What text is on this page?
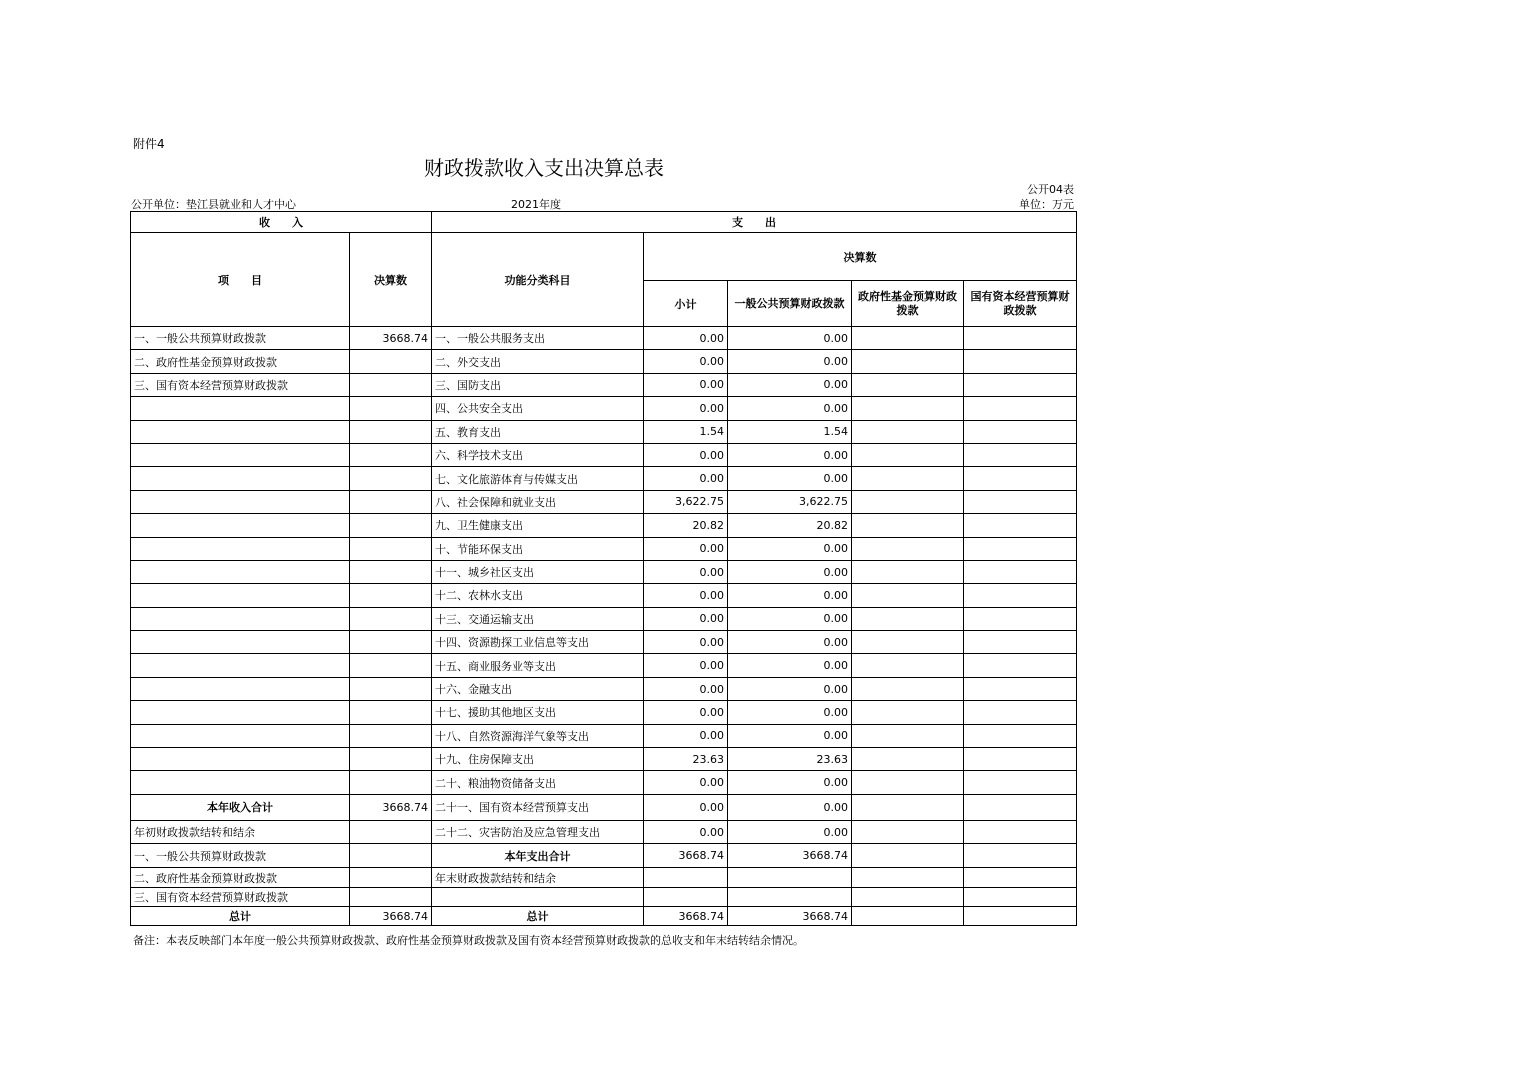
附件4
财政拨款收入支出决算总表
公开04表
公开单位：垫江县就业和人才中心	2021年度	单位：万元
收　　入		支　　出				
项　　目	决算数	功能分类科目	决算数			
			小计	一般公共预算财政拨款	政府性基金预算财政拨款	国有资本经营预算财政拨款
一、一般公共预算财政拨款	3668.74	一、一般公共服务支出	0.00	0.00		
二、政府性基金预算财政拨款		二、外交支出	0.00	0.00		
三、国有资本经营预算财政拨款		三、国防支出	0.00	0.00		
		四、公共安全支出	0.00	0.00		
		五、教育支出	1.54	1.54		
		六、科学技术支出	0.00	0.00		
		七、文化旅游体育与传媒支出	0.00	0.00		
		八、社会保障和就业支出	3,622.75	3,622.75		
		九、卫生健康支出	20.82	20.82		
		十、节能环保支出	0.00	0.00		
		十一、城乡社区支出	0.00	0.00		
		十二、农林水支出	0.00	0.00		
		十三、交通运输支出	0.00	0.00		
		十四、资源勘探工业信息等支出	0.00	0.00		
		十五、商业服务业等支出	0.00	0.00		
		十六、金融支出	0.00	0.00		
		十七、援助其他地区支出	0.00	0.00		
		十八、自然资源海洋气象等支出	0.00	0.00		
		十九、住房保障支出	23.63	23.63		
		二十、粮油物资储备支出	0.00	0.00		
本年收入合计	3668.74	二十一、国有资本经营预算支出	0.00	0.00		
年初财政拨款结转和结余		二十二、灾害防治及应急管理支出	0.00	0.00		
一、一般公共预算财政拨款		本年支出合计	3668.74	3668.74		
二、政府性基金预算财政拨款		年末财政拨款结转和结余				
三、国有资本经营预算财政拨款						
总计	3668.74	总计	3668.74	3668.74		
备注：本表反映部门本年度一般公共预算财政拨款、政府性基金预算财政拨款及国有资本经营预算财政拨款的总收支和年末结转结余情况。
